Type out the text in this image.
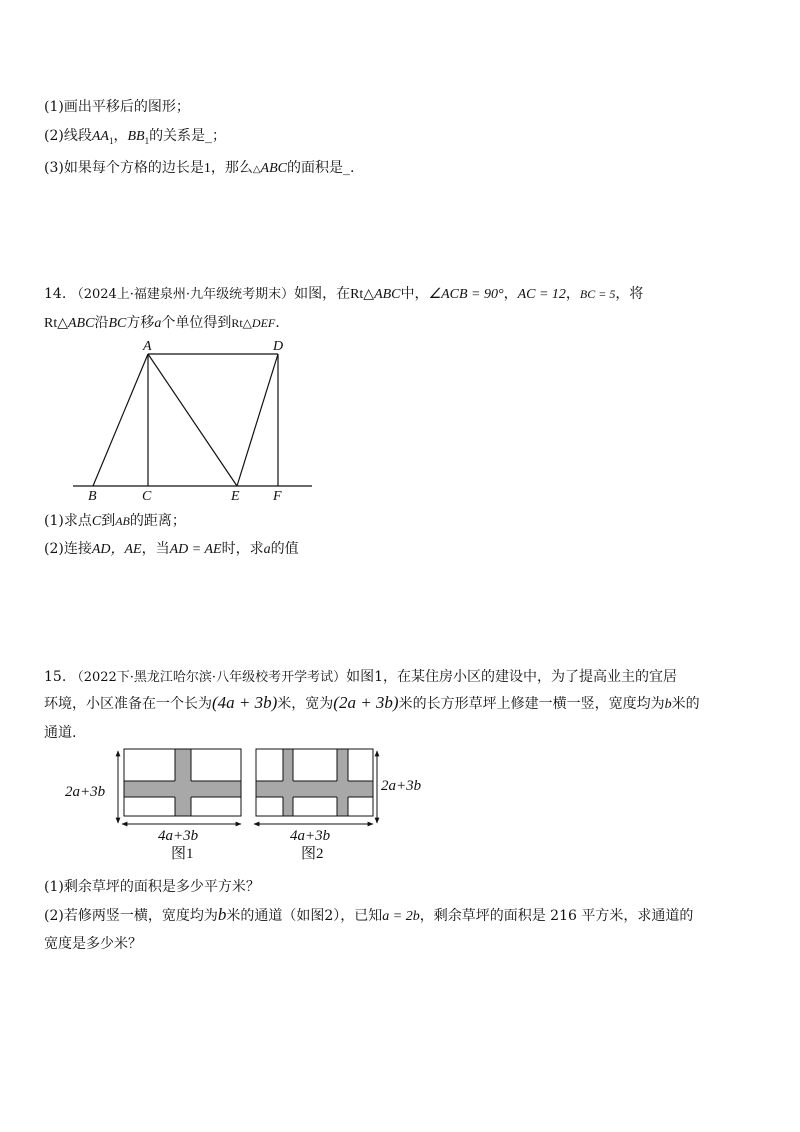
(1)画出平移后的图形；
(2)线段$AA_1$，$BB_1$的关系是_；
(3)如果每个方格的边长是1，那么△ABC的面积是_.
14. （2024上·福建泉州·九年级统考期末）如图，在Rt△ABC中，∠ACB = 90°，AC = 12，BC = 5，将
Rt△ABC沿BC方移a个单位得到Rt△DEF.
A	D
B	C	E F
(1)求点C到AB的距离；
(2)连接AD，AE，当AD = AE时，求a的值
15. （2022下·黑龙江哈尔滨·八年级校考开学考试）如图1，在某住房小区的建设中，为了提高业主的宜居
环境，小区准备在一个长为(4a + 3b)米，宽为(2a + 3b)米的长方形草坪上修建一横一竖，宽度均为b米的
通道.
2a+3b
4a+3b
图1
2a+3b
4a+3b
图2
(1)剩余草坪的面积是多少平方米？
(2)若修两竖一横，宽度均为b米的通道（如图2），已知a = 2b，剩余草坪的面积是 216 平方米，求通道的
宽度是多少米？
